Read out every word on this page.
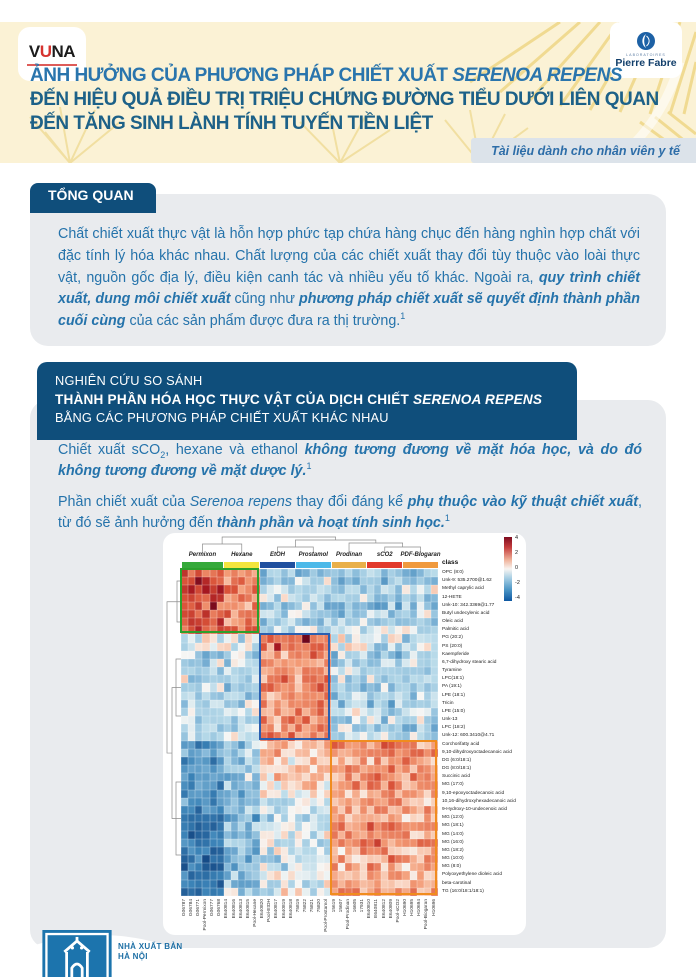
VUNA	LABORATOIRES
Pierre Fabre
ẢNH HƯỞNG CỦA PHƯƠNG PHÁP CHIẾT XUẤT SERENOA REPENS
ĐẾN HIỆU QUẢ ĐIỀU TRỊ TRIỆU CHỨNG ĐƯỜNG TIỂU DƯỚI LIÊN QUAN
ĐẾN TĂNG SINH LÀNH TÍNH TUYẾN TIỀN LIỆT
Tài liệu dành cho nhân viên y tế
TỔNG QUAN
Chất chiết xuất thực vật là hỗn hợp phức tạp chứa hàng chục đến hàng nghìn hợp chất với đặc tính lý hóa khác nhau. Chất lượng của các chiết xuất thay đổi tùy thuộc vào loài thực vật, nguồn gốc địa lý, điều kiện canh tác và nhiều yếu tố khác. Ngoài ra, quy trình chiết xuất, dung môi chiết xuất cũng như phương pháp chiết xuất sẽ quyết định thành phần cuối cùng của các sản phẩm được đưa ra thị trường.$^1$
NGHIÊN CỨU SO SÁNH
THÀNH PHẦN HÓA HỌC THỰC VẬT CỦA DỊCH CHIẾT SERENOA REPENS
BẰNG CÁC PHƯƠNG PHÁP CHIẾT XUẤT KHÁC NHAU
Chiết xuất sCO$_2$, hexane và ethanol không tương đương về mặt hóa học, và do đó không tương đương về mặt dược lý.$^1$
Phần chiết xuất của Serenoa repens thay đổi đáng kể phụ thuộc vào kỹ thuật chiết xuất, từ đó sẽ ảnh hưởng đến thành phần và hoạt tính sinh học.$^1$
Permixon Hexane	EtOH Prostamol Prodinan sCO2 PDF-Biogaran
class
OPC (8:0)
Unk-9: 535.2700@1.62
Methyl caprylic acid
12-HETE
Unk-10: 342.3369@1.77
Butyl undecylenic acid
Oleic acid
Palmitic acid
PG (20:2)
PS (20:0)
Kaempferide
6,7-dihydroxy stearic acid
Tyramine
LPC(18:1)
PA (19:1)
LPE (18:1)
Tricin
LPE (15:0)
Unk-13
LPC (18:2)
Unk-12: 600.3410@4.71
Corchorifatty acid
9,10-dihydroxyoctadecanoic acid
DG (6:0/18:1)
DG (8:0/18:1)
Succinic acid
MG (17:0)
9,10-epoxyoctadecanoic acid
10,16-dihydroxyhexadecanoic acid
9-Hydroxy-10-undecenoic acid
MG (12:0)
MG (18:1)
MG (14:0)
MG (16:0)
MG (18:2)
MG (10:0)
MG (8:0)
Polyoxyethylene dioleic acid
beta-carotinal
TG (16:0/18:1/18:1)
G06787 G06784 G06771 Pool-Permixon G06777 G06768 E640814 E640816 E640813 E640815 Pool-Hexane E640820 Pool-EtOH E640817 E640819 E640818 75819 75822 75821 75820 Pool-Prostamol 15619 15607 Pool-Prodinan 16605 17931 E640810 E640811 E640812 E640809 Pool-sCO2 H10690 H10695 H10694 Pool-Biogaran H10696
4
2
0
-2
-4
NHÀ XUẤT BẢN
HÀ NỘI
